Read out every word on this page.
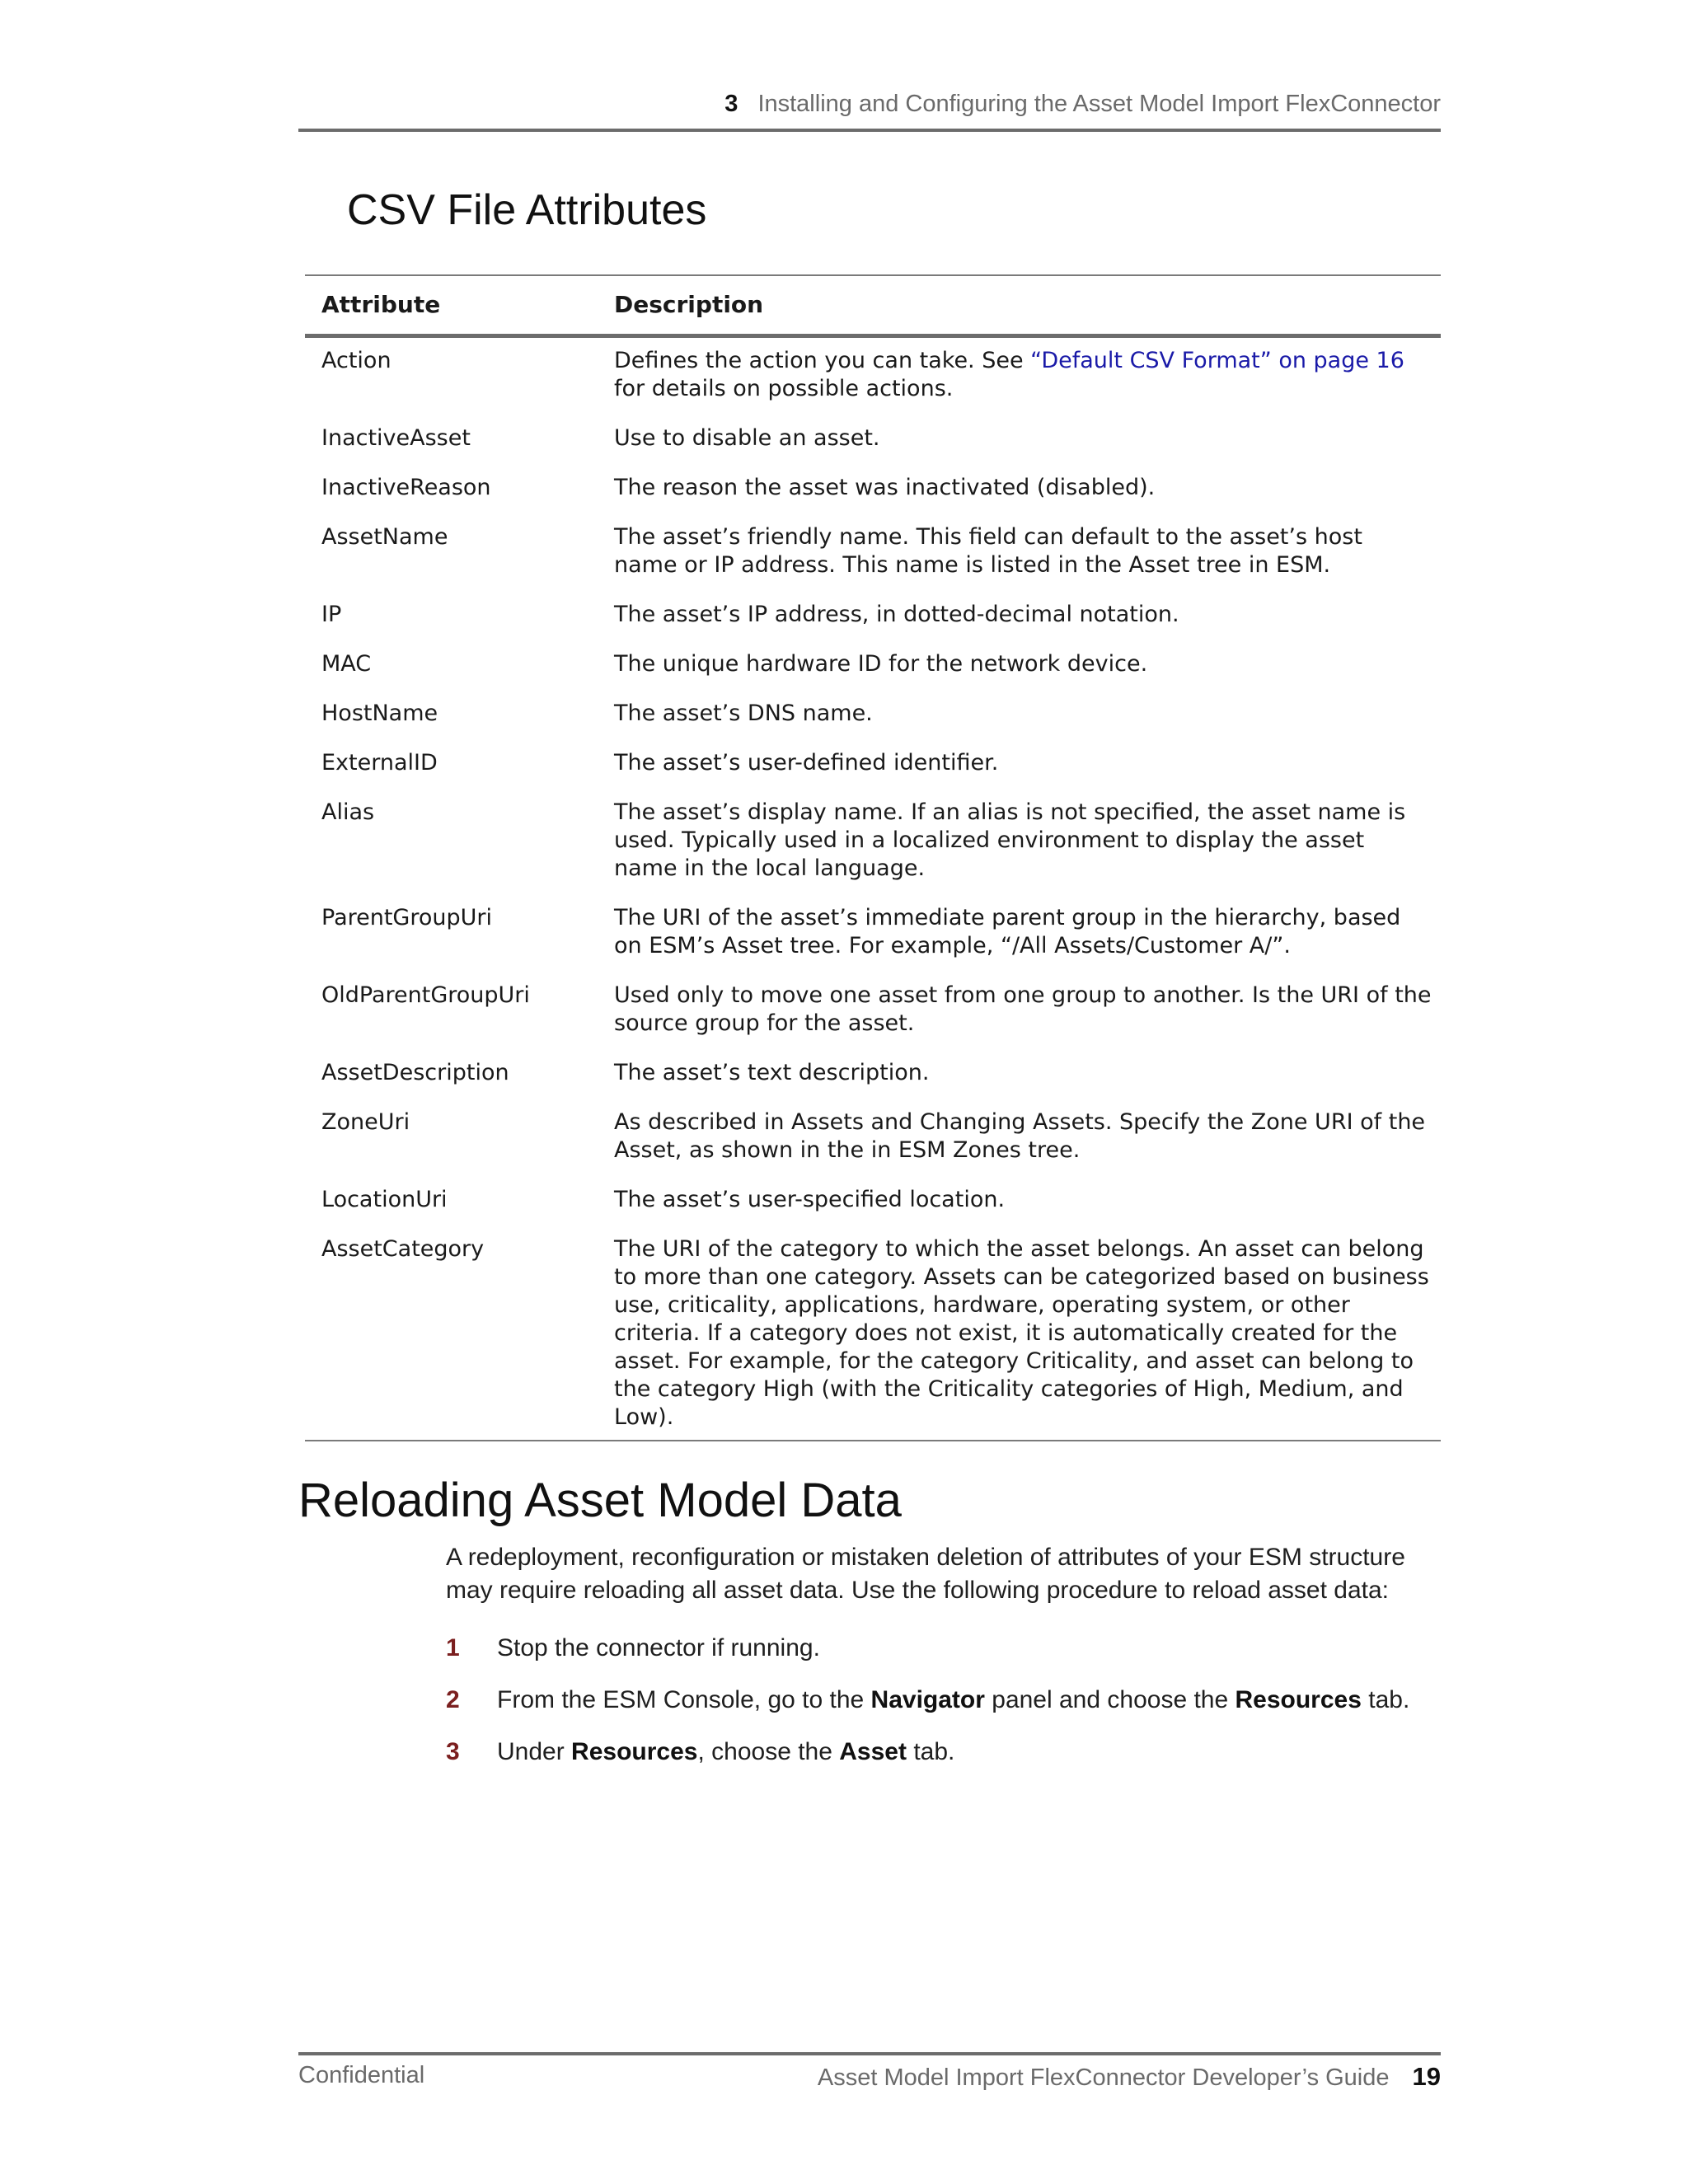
3 Installing and Configuring the Asset Model Import FlexConnector
CSV File Attributes
Attribute	Description
Action	Defines the action you can take. See “Default CSV Format” on page 16 for details on possible actions.
InactiveAsset	Use to disable an asset.
InactiveReason	The reason the asset was inactivated (disabled).
AssetName	The asset’s friendly name. This field can default to the asset’s host name or IP address. This name is listed in the Asset tree in ESM.
IP	The asset’s IP address, in dotted-decimal notation.
MAC	The unique hardware ID for the network device.
HostName	The asset’s DNS name.
ExternalID	The asset’s user-defined identifier.
Alias	The asset’s display name. If an alias is not specified, the asset name is used. Typically used in a localized environment to display the asset name in the local language.
ParentGroupUri	The URI of the asset’s immediate parent group in the hierarchy, based on ESM’s Asset tree. For example, “/All Assets/Customer A/”.
OldParentGroupUri	Used only to move one asset from one group to another. Is the URI of the source group for the asset.
AssetDescription	The asset’s text description.
ZoneUri	As described in Assets and Changing Assets. Specify the Zone URI of the Asset, as shown in the in ESM Zones tree.
LocationUri	The asset’s user-specified location.
AssetCategory	The URI of the category to which the asset belongs. An asset can belong to more than one category. Assets can be categorized based on business use, criticality, applications, hardware, operating system, or other criteria. If a category does not exist, it is automatically created for the asset. For example, for the category Criticality, and asset can belong to the category High (with the Criticality categories of High, Medium, and Low).
Reloading Asset Model Data

A redeployment, reconfiguration or mistaken deletion of attributes of your ESM structure may require reloading all asset data. Use the following procedure to reload asset data:

1 Stop the connector if running.
2 From the ESM Console, go to the Navigator panel and choose the Resources tab.
3 Under Resources, choose the Asset tab.
Confidential	Asset Model Import FlexConnector Developer’s Guide 19
